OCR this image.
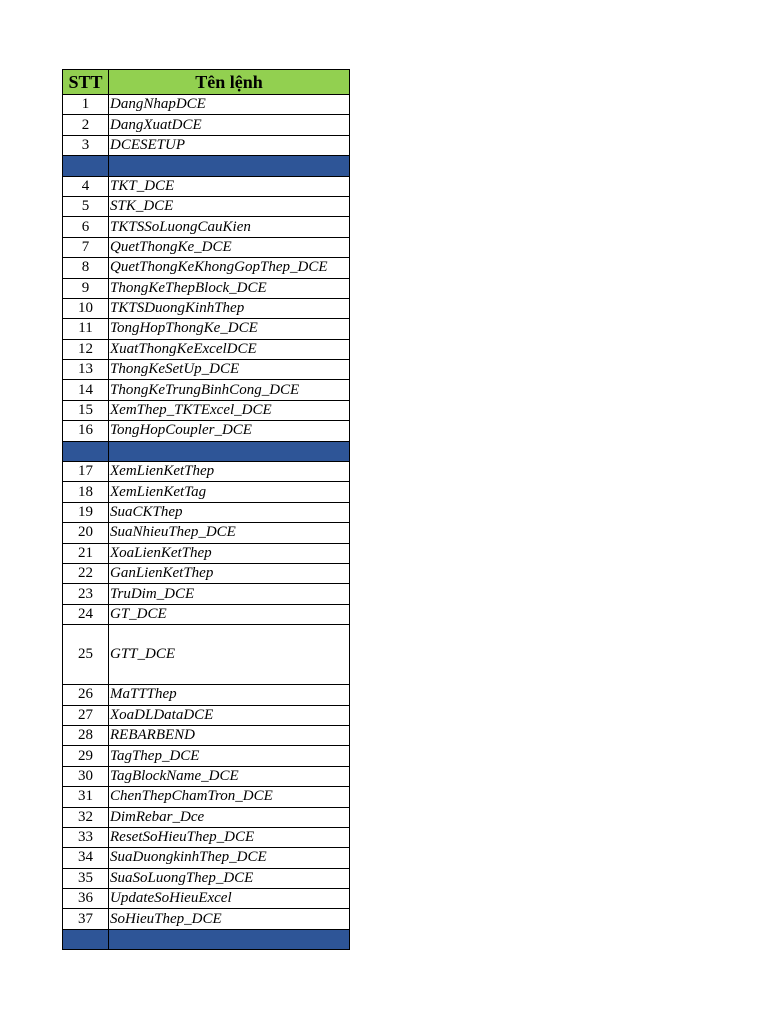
STT	Tên lệnh
1	DangNhapDCE
2	DangXuatDCE
3	DCESETUP

4	TKT_DCE
5	STK_DCE
6	TKTSSoLuongCauKien
7	QuetThongKe_DCE
8	QuetThongKeKhongGopThep_DCE
9	ThongKeThepBlock_DCE
10	TKTSDuongKinhThep
11	TongHopThongKe_DCE
12	XuatThongKeExcelDCE
13	ThongKeSetUp_DCE
14	ThongKeTrungBinhCong_DCE
15	XemThep_TKTExcel_DCE
16	TongHopCoupler_DCE

17	XemLienKetThep
18	XemLienKetTag
19	SuaCKThep
20	SuaNhieuThep_DCE
21	XoaLienKetThep
22	GanLienKetThep
23	TruDim_DCE
24	GT_DCE
25	GTT_DCE
26	MaTTThep
27	XoaDLDataDCE
28	REBARBEND
29	TagThep_DCE
30	TagBlockName_DCE
31	ChenThepChamTron_DCE
32	DimRebar_Dce
33	ResetSoHieuThep_DCE
34	SuaDuongkinhThep_DCE
35	SuaSoLuongThep_DCE
36	UpdateSoHieuExcel
37	SoHieuThep_DCE
